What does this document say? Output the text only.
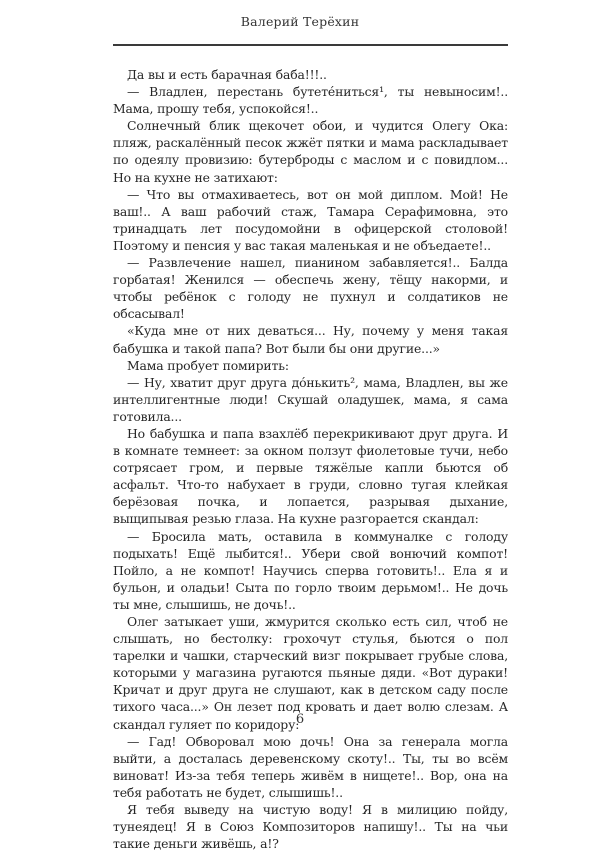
Валерий Терёхин

Да вы и есть барачная баба!!!..

— Владлен, перестань бутетéниться¹, ты невыносим!.. Мама, прошу тебя, успокойся!..

Солнечный блик щекочет обои, и чудится Олегу Ока: пляж, раскалённый песок жжёт пятки и мама раскладывает по одеялу провизию: бутерброды с маслом и с повидлом... Но на кухне не затихают:

— Что вы отмахиваетесь, вот он мой диплом. Мой! Не ваш!.. А ваш рабочий стаж, Тамара Серафимовна, это тринадцать лет посудомойни в офицерской столовой! Поэтому и пенсия у вас такая маленькая и не объедаете!..

— Развлечение нашел, пианином забавляется!.. Балда горбатая! Женился — обеспечь жену, тёщу накорми, и чтобы ребёнок с голоду не пухнул и солдатиков не обсасывал!

«Куда мне от них деваться... Ну, почему у меня такая бабушка и такой папа? Вот были бы они другие...»

Мама пробует помирить:

— Ну, хватит друг друга дóнькить², мама, Владлен, вы же интеллигентные люди! Скушай оладушек, мама, я сама готовила...

Но бабушка и папа взахлёб перекрикивают друг друга. И в комнате темнеет: за окном ползут фиолетовые тучи, небо сотрясает гром, и первые тяжёлые капли бьются об асфальт. Что-то набухает в груди, словно тугая клейкая берёзовая почка, и лопается, разрывая дыхание, выщипывая резью глаза. На кухне разгорается скандал:

— Бросила мать, оставила в коммуналке с голоду подыхать! Ещё лыбится!.. Убери свой вонючий компот! Пойло, а не компот! Научись сперва готовить!.. Ела я и бульон, и оладьи! Сыта по горло твоим дерьмом!.. Не дочь ты мне, слышишь, не дочь!..

Олег затыкает уши, жмурится сколько есть сил, чтоб не слышать, но бестолку: грохочут стулья, бьются о пол тарелки и чашки, старческий визг покрывает грубые слова, которыми у магазина ругаются пьяные дяди. «Вот дураки! Кричат и друг друга не слушают, как в детском саду после тихого часа...» Он лезет под кровать и дает волю слезам. А скандал гуляет по коридору:

— Гад! Обворовал мою дочь! Она за генерала могла выйти, а досталась деревенскому скоту!.. Ты, ты во всём виноват! Из-за тебя теперь живём в нищете!.. Вор, она на тебя работать не будет, слышишь!..

Я тебя выведу на чистую воду! Я в милицию пойду, тунеядец! Я в Союз Композиторов напишу!.. Ты на чьи такие деньги живёшь, а!?

6
